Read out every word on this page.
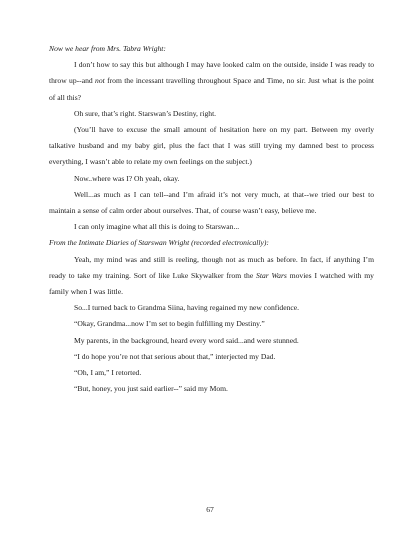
Now we hear from Mrs. Tabra Wright:

I don’t how to say this but although I may have looked calm on the outside, inside I was ready to throw up--and not from the incessant travelling throughout Space and Time, no sir. Just what is the point of all this?

Oh sure, that’s right. Starswan’s Destiny, right.

(You’ll have to excuse the small amount of hesitation here on my part. Between my overly talkative husband and my baby girl, plus the fact that I was still trying my damned best to process everything, I wasn’t able to relate my own feelings on the subject.)

Now..where was I? Oh yeah, okay.

Well...as much as I can tell--and I’m afraid it’s not very much, at that--we tried our best to maintain a sense of calm order about ourselves. That, of course wasn’t easy, believe me.

I can only imagine what all this is doing to Starswan...

From the Intimate Diaries of Starswan Wright (recorded electronically):

Yeah, my mind was and still is reeling, though not as much as before. In fact, if anything I’m ready to take my training. Sort of like Luke Skywalker from the Star Wars movies I watched with my family when I was little.

So...I turned back to Grandma Siina, having regained my new confidence.

“Okay, Grandma...now I’m set to begin fulfilling my Destiny.”

My parents, in the background, heard every word said...and were stunned.

“I do hope you’re not that serious about that,” interjected my Dad.

“Oh, I am,” I retorted.

“But, honey, you just said earlier--” said my Mom.

67
